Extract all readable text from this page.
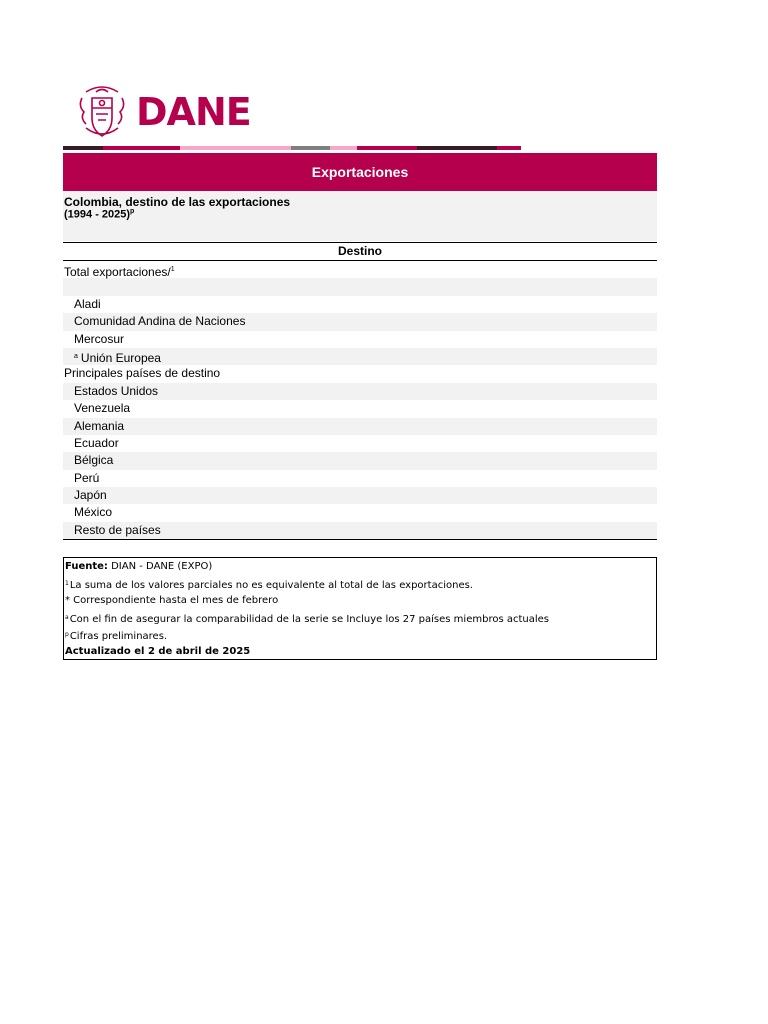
DANE
Exportaciones
Colombia, destino de las exportaciones
(1994 - 2025)$^p$
Destino
Total exportaciones/$^1$
Aladi
Comunidad Andina de Naciones
Mercosur
$^a$ Unión Europea
Principales países de destino
Estados Unidos
Venezuela
Alemania
Ecuador
Bélgica
Perú
Japón
México
Resto de países
Fuente: DIAN - DANE (EXPO)
$^1$La suma de los valores parciales no es equivalente al total de las exportaciones.
* Correspondiente hasta el mes de febrero
$^a$Con el fin de asegurar la comparabilidad de la serie se Incluye los 27 países miembros actuales
$^p$Cifras preliminares.
Actualizado el 2 de abril de 2025
